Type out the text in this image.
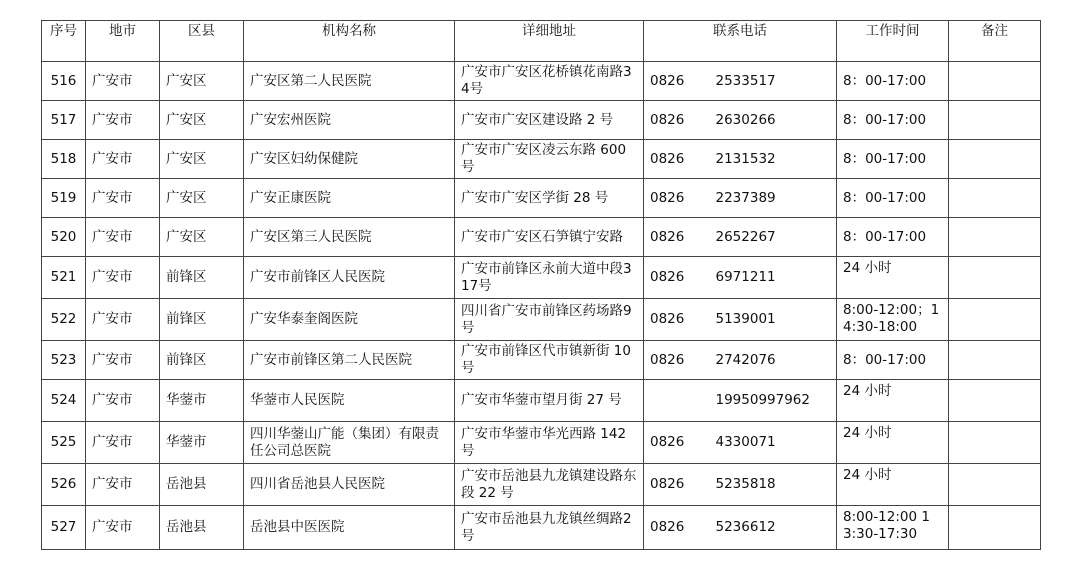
序号	地市	区县	机构名称	详细地址	联系电话		工作时间	备注
516	广安市	广安区	广安区第二人民医院	广安市广安区花桥镇花南路34号	0826	2533517	8：00-17:00	
517	广安市	广安区	广安宏州医院	广安市广安区建设路 2 号	0826	2630266	8：00-17:00	
518	广安市	广安区	广安区妇幼保健院	广安市广安区凌云东路 600 号	0826	2131532	8：00-17:00	
519	广安市	广安区	广安正康医院	广安市广安区学街 28 号	0826	2237389	8：00-17:00	
520	广安市	广安区	广安区第三人民医院	广安市广安区石笋镇宁安路	0826	2652267	8：00-17:00	
521	广安市	前锋区	广安市前锋区人民医院	广安市前锋区永前大道中段317号	0826	6971211	24 小时	
522	广安市	前锋区	广安华泰奎阁医院	四川省广安市前锋区药场路9号	0826	5139001	8:00-12:00；14:30-18:00	
523	广安市	前锋区	广安市前锋区第二人民医院	广安市前锋区代市镇新街 10 号	0826	2742076	8：00-17:00	
524	广安市	华蓥市	华蓥市人民医院	广安市华蓥市望月街 27 号		19950997962	24 小时	
525	广安市	华蓥市	四川华蓥山广能（集团）有限责任公司总医院	广安市华蓥市华光西路 142 号	0826	4330071	24 小时	
526	广安市	岳池县	四川省岳池县人民医院	广安市岳池县九龙镇建设路东段 22 号	0826	5235818	24 小时	
527	广安市	岳池县	岳池县中医医院	广安市岳池县九龙镇丝绸路2号	0826	5236612	8:00-12:00 13:30-17:30	
